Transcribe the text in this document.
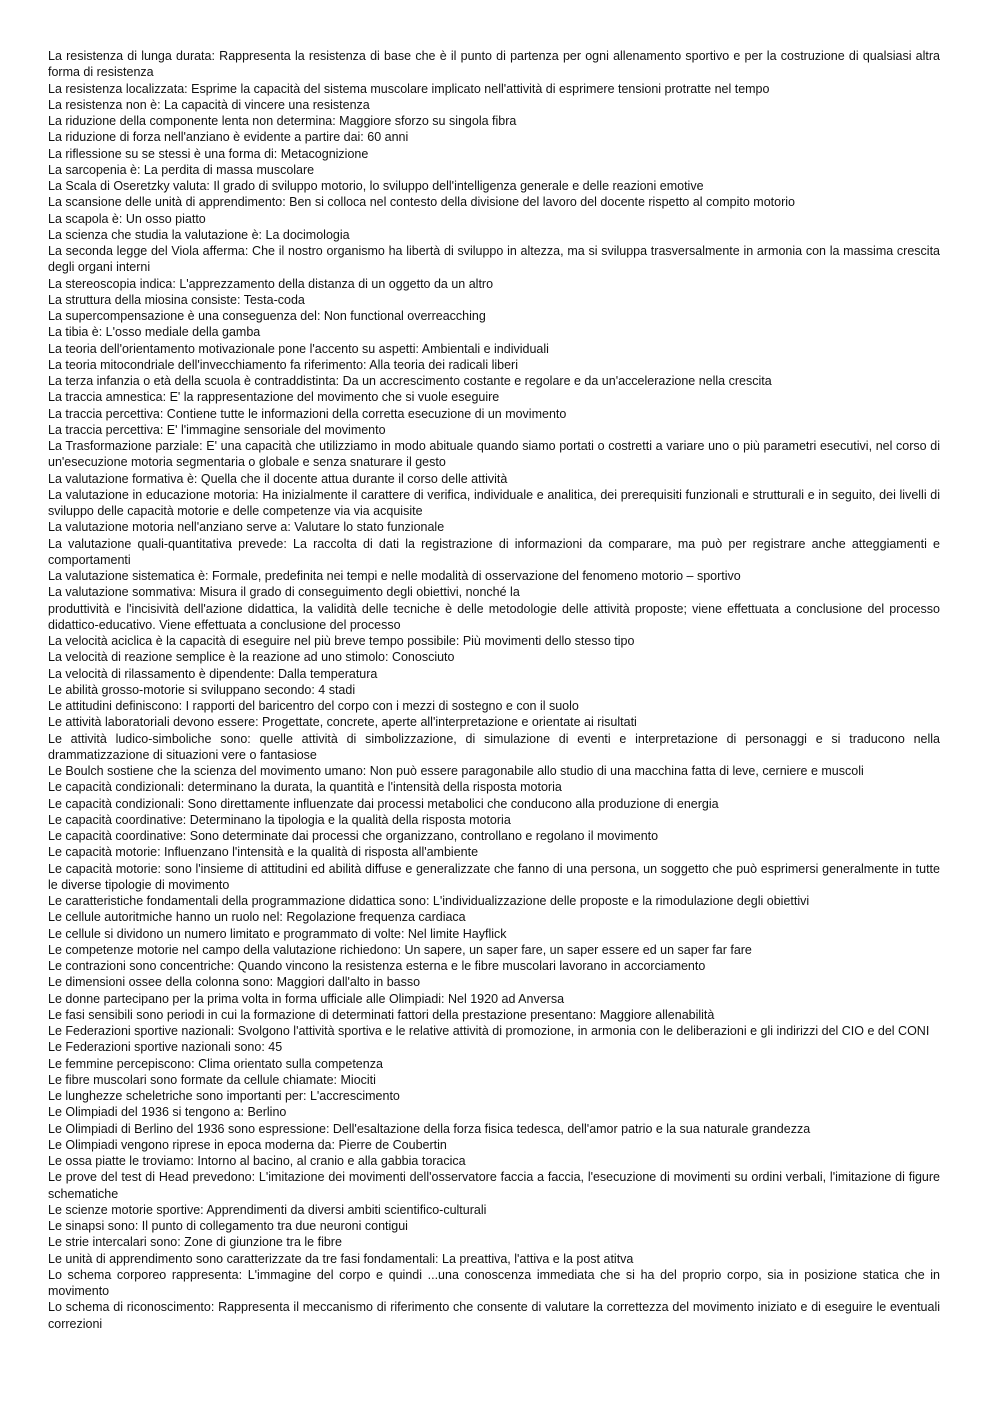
La resistenza di lunga durata: Rappresenta la resistenza di base che è il punto di partenza per ogni allenamento sportivo e per la costruzione di qualsiasi altra forma di resistenza

La resistenza localizzata: Esprime la capacità del sistema muscolare implicato nell'attività di esprimere tensioni protratte nel tempo

La resistenza non è: La capacità di vincere una resistenza

La riduzione della componente lenta non determina: Maggiore sforzo su singola fibra

La riduzione di forza nell'anziano è evidente a partire dai: 60 anni

La riflessione su se stessi è una forma di: Metacognizione

La sarcopenia è: La perdita di massa muscolare

La Scala di Oseretzky valuta: Il grado di sviluppo motorio, lo sviluppo dell'intelligenza generale e delle reazioni emotive

La scansione delle unità di apprendimento: Ben si colloca nel contesto della divisione del lavoro del docente rispetto al compito motorio

La scapola è: Un osso piatto

La scienza che studia la valutazione è: La docimologia

La seconda legge del Viola afferma: Che il nostro organismo ha libertà di sviluppo in altezza, ma si sviluppa trasversalmente in armonia con la massima crescita degli organi interni

La stereoscopia indica: L'apprezzamento della distanza di un oggetto da un altro

La struttura della miosina consiste: Testa-coda

La supercompensazione è una conseguenza del: Non functional overreacching

La tibia è: L'osso mediale della gamba

La teoria dell'orientamento motivazionale pone l'accento su aspetti: Ambientali e individuali

La teoria mitocondriale dell'invecchiamento fa riferimento: Alla teoria dei radicali liberi

La terza infanzia o età della scuola è contraddistinta: Da un accrescimento costante e regolare e da un'accelerazione nella crescita

La traccia amnestica: E' la rappresentazione del movimento che si vuole eseguire

La traccia percettiva: Contiene tutte le informazioni della corretta esecuzione di un movimento

La traccia percettiva: E' l'immagine sensoriale del movimento

La Trasformazione parziale: E' una capacità che utilizziamo in modo abituale quando siamo portati o costretti a variare uno o più parametri esecutivi, nel corso di un'esecuzione motoria segmentaria o globale e senza snaturare il gesto

La valutazione formativa è: Quella che il docente attua durante il corso delle attività

La valutazione in educazione motoria: Ha inizialmente il carattere di verifica, individuale e analitica, dei prerequisiti funzionali e strutturali e in seguito, dei livelli di sviluppo delle capacità motorie e delle competenze via via acquisite

La valutazione motoria nell'anziano serve a: Valutare lo stato funzionale

La valutazione quali-quantitativa prevede: La raccolta di dati la registrazione di informazioni da comparare, ma può per registrare anche atteggiamenti e comportamenti

La valutazione sistematica è: Formale, predefinita nei tempi e nelle modalità di osservazione del fenomeno motorio – sportivo

La valutazione sommativa: Misura il grado di conseguimento degli obiettivi, nonché la

produttività e l'incisività dell'azione didattica, la validità delle tecniche è delle metodologie delle attività proposte; viene effettuata a conclusione del processo didattico-educativo. Viene effettuata a conclusione del processo

La velocità aciclica è la capacità di eseguire nel più breve tempo possibile: Più movimenti dello stesso tipo

La velocità di reazione semplice è la reazione ad uno stimolo: Conosciuto

La velocità di rilassamento è dipendente: Dalla temperatura

Le abilità grosso-motorie si sviluppano secondo: 4 stadi

Le attitudini definiscono: I rapporti del baricentro del corpo con i mezzi di sostegno e con il suolo

Le attività laboratoriali devono essere: Progettate, concrete, aperte all'interpretazione e orientate ai risultati

Le attività ludico-simboliche sono: quelle attività di simbolizzazione, di simulazione di eventi e interpretazione di personaggi e si traducono nella drammatizzazione di situazioni vere o fantasiose

Le Boulch sostiene che la scienza del movimento umano: Non può essere paragonabile allo studio di una macchina fatta di leve, cerniere e muscoli

Le capacità condizionali: determinano la durata, la quantità e l'intensità della risposta motoria

Le capacità condizionali: Sono direttamente influenzate dai processi metabolici che conducono alla produzione di energia

Le capacità coordinative: Determinano la tipologia e la qualità della risposta motoria

Le capacità coordinative: Sono determinate dai processi che organizzano, controllano e regolano il movimento

Le capacità motorie: Influenzano l'intensità e la qualità di risposta all'ambiente

Le capacità motorie: sono l'insieme di attitudini ed abilità diffuse e generalizzate che fanno di una persona, un soggetto che può esprimersi generalmente in tutte le diverse tipologie di movimento

Le caratteristiche fondamentali della programmazione didattica sono: L'individualizzazione delle proposte e la rimodulazione degli obiettivi

Le cellule autoritmiche hanno un ruolo nel: Regolazione frequenza cardiaca

Le cellule si dividono un numero limitato e programmato di volte: Nel limite Hayflick

Le competenze motorie nel campo della valutazione richiedono: Un sapere, un saper fare, un saper essere ed un saper far fare

Le contrazioni sono concentriche: Quando vincono la resistenza esterna e le fibre muscolari lavorano in accorciamento

Le dimensioni ossee della colonna sono: Maggiori dall'alto in basso

Le donne partecipano per la prima volta in forma ufficiale alle Olimpiadi: Nel 1920 ad Anversa

Le fasi sensibili sono periodi in cui la formazione di determinati fattori della prestazione presentano: Maggiore allenabilità

Le Federazioni sportive nazionali: Svolgono l'attività sportiva e le relative attività di promozione, in armonia con le deliberazioni e gli indirizzi del CIO e del CONI

Le Federazioni sportive nazionali sono: 45

Le femmine percepiscono: Clima orientato sulla competenza

Le fibre muscolari sono formate da cellule chiamate: Miociti

Le lunghezze scheletriche sono importanti per: L'accrescimento

Le Olimpiadi del 1936 si tengono a: Berlino

Le Olimpiadi di Berlino del 1936 sono espressione: Dell'esaltazione della forza fisica tedesca, dell'amor patrio e la sua naturale grandezza

Le Olimpiadi vengono riprese in epoca moderna da: Pierre de Coubertin

Le ossa piatte le troviamo: Intorno al bacino, al cranio e alla gabbia toracica

Le prove del test di Head prevedono: L'imitazione dei movimenti dell'osservatore faccia a faccia, l'esecuzione di movimenti su ordini verbali, l'imitazione di figure schematiche

Le scienze motorie sportive: Apprendimenti da diversi ambiti scientifico-culturali

Le sinapsi sono: Il punto di collegamento tra due neuroni contigui

Le strie intercalari sono: Zone di giunzione tra le fibre

Le unità di apprendimento sono caratterizzate da tre fasi fondamentali: La preattiva, l'attiva e la post atitva

Lo schema corporeo rappresenta: L'immagine del corpo e quindi ...una conoscenza immediata che si ha del proprio corpo, sia in posizione statica che in movimento

Lo schema di riconoscimento: Rappresenta il meccanismo di riferimento che consente di valutare la correttezza del movimento iniziato e di eseguire le eventuali correzioni
